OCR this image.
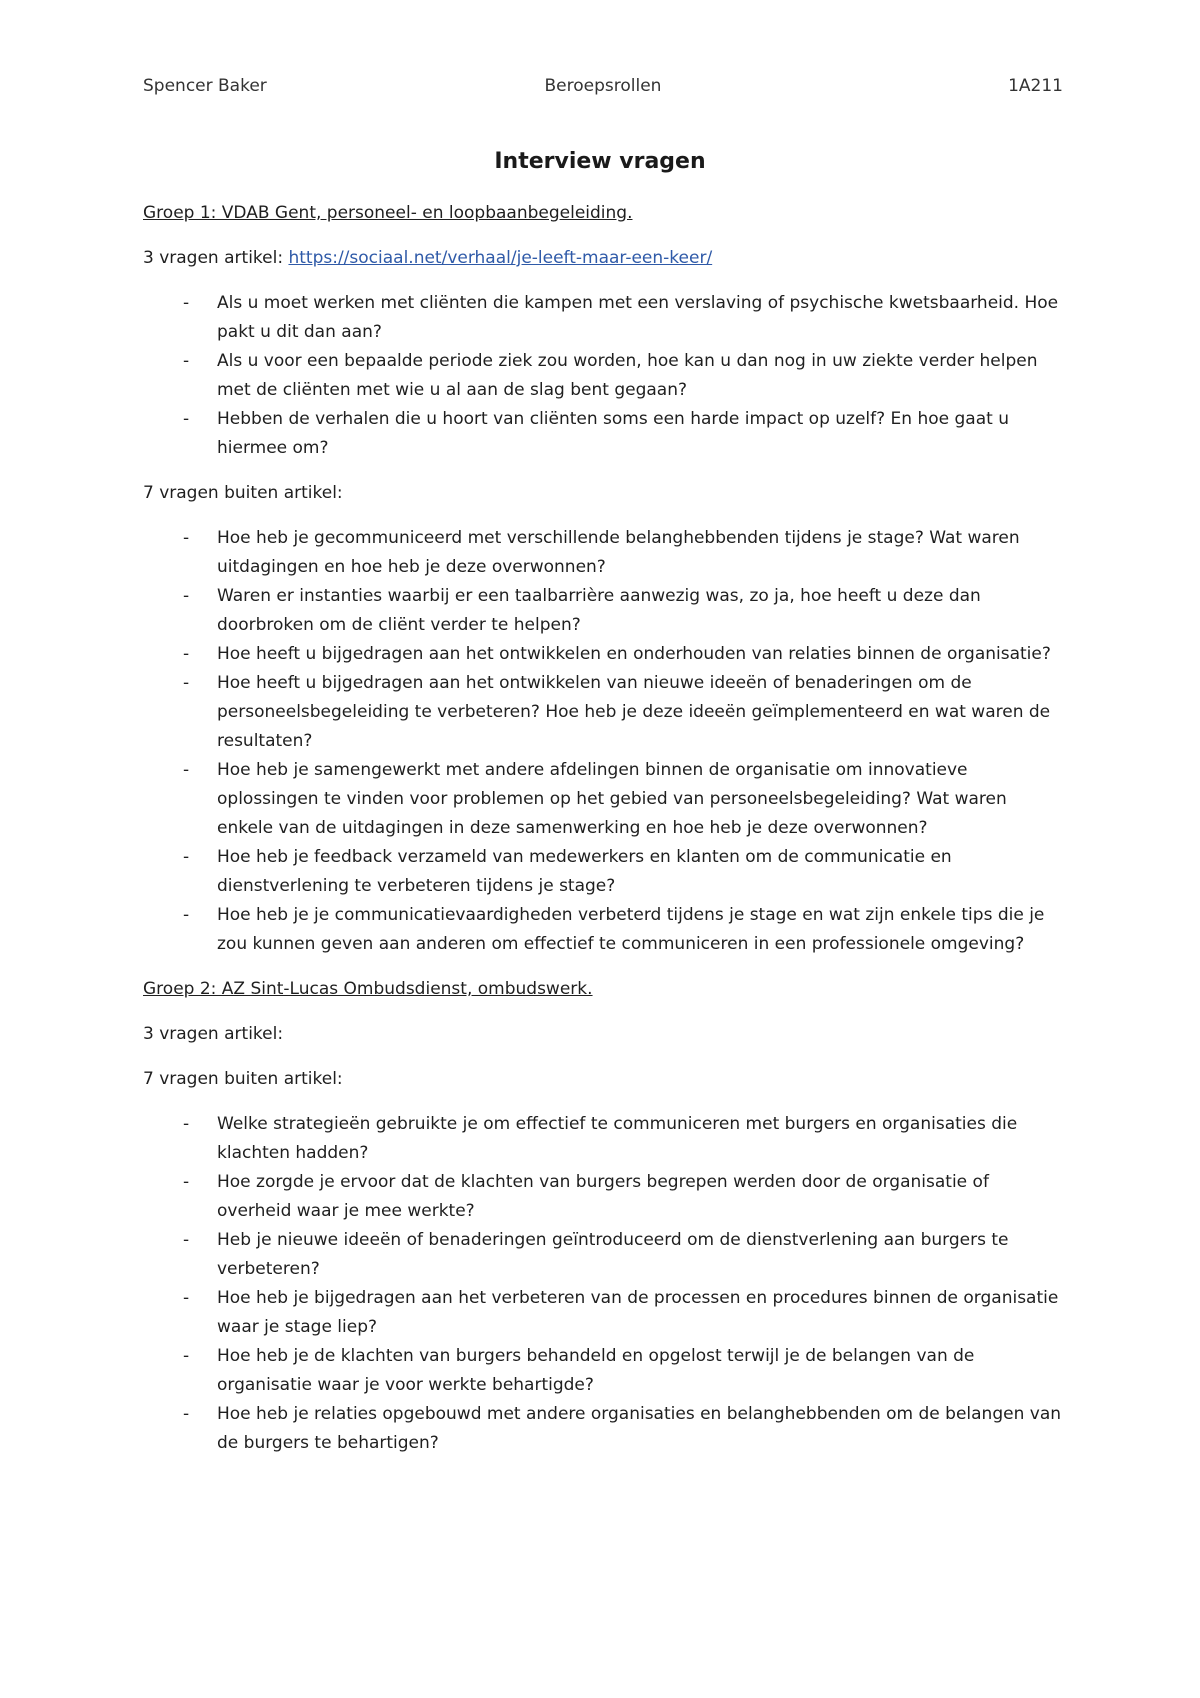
Spencer Baker	Beroepsrollen	1A211
Interview vragen
Groep 1: VDAB Gent, personeel- en loopbaanbegeleiding.
3 vragen artikel: https://sociaal.net/verhaal/je-leeft-maar-een-keer/
- Als u moet werken met cliënten die kampen met een verslaving of psychische kwetsbaarheid. Hoe pakt u dit dan aan?
- Als u voor een bepaalde periode ziek zou worden, hoe kan u dan nog in uw ziekte verder helpen met de cliënten met wie u al aan de slag bent gegaan?
- Hebben de verhalen die u hoort van cliënten soms een harde impact op uzelf? En hoe gaat u hiermee om?
7 vragen buiten artikel:
- Hoe heb je gecommuniceerd met verschillende belanghebbenden tijdens je stage? Wat waren uitdagingen en hoe heb je deze overwonnen?
- Waren er instanties waarbij er een taalbarrière aanwezig was, zo ja, hoe heeft u deze dan doorbroken om de cliënt verder te helpen?
- Hoe heeft u bijgedragen aan het ontwikkelen en onderhouden van relaties binnen de organisatie?
- Hoe heeft u bijgedragen aan het ontwikkelen van nieuwe ideeën of benaderingen om de personeelsbegeleiding te verbeteren? Hoe heb je deze ideeën geïmplementeerd en wat waren de resultaten?
- Hoe heb je samengewerkt met andere afdelingen binnen de organisatie om innovatieve oplossingen te vinden voor problemen op het gebied van personeelsbegeleiding? Wat waren enkele van de uitdagingen in deze samenwerking en hoe heb je deze overwonnen?
- Hoe heb je feedback verzameld van medewerkers en klanten om de communicatie en dienstverlening te verbeteren tijdens je stage?
- Hoe heb je je communicatievaardigheden verbeterd tijdens je stage en wat zijn enkele tips die je zou kunnen geven aan anderen om effectief te communiceren in een professionele omgeving?
Groep 2: AZ Sint-Lucas Ombudsdienst, ombudswerk.
3 vragen artikel:
7 vragen buiten artikel:
- Welke strategieën gebruikte je om effectief te communiceren met burgers en organisaties die klachten hadden?
- Hoe zorgde je ervoor dat de klachten van burgers begrepen werden door de organisatie of overheid waar je mee werkte?
- Heb je nieuwe ideeën of benaderingen geïntroduceerd om de dienstverlening aan burgers te verbeteren?
- Hoe heb je bijgedragen aan het verbeteren van de processen en procedures binnen de organisatie waar je stage liep?
- Hoe heb je de klachten van burgers behandeld en opgelost terwijl je de belangen van de organisatie waar je voor werkte behartigde?
- Hoe heb je relaties opgebouwd met andere organisaties en belanghebbenden om de belangen van de burgers te behartigen?
